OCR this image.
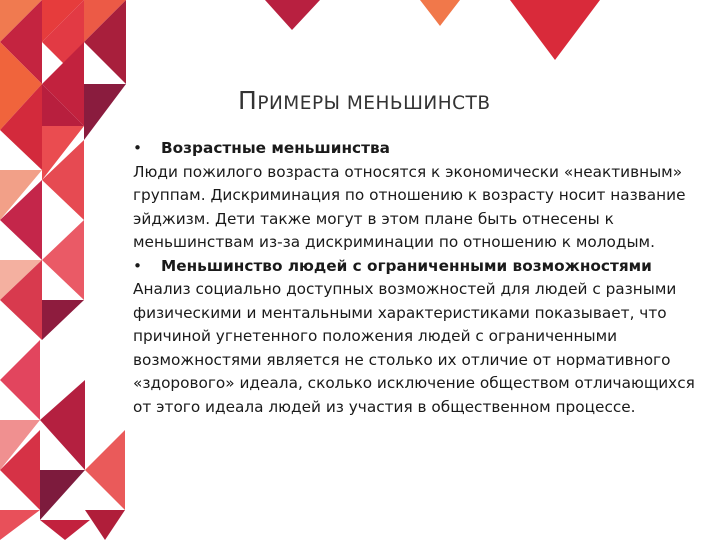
ПРИМЕРЫ МЕНЬШИНСТВ
•	Возрастные меньшинства

Люди пожилого возраста относятся к экономически «неактивным» группам. Дискриминация по отношению к возрасту носит название эйджизм. Дети также могут в этом плане быть отнесены к меньшинствам из-за дискриминации по отношению к молодым.

•	Меньшинство людей с ограниченными возможностями

Анализ социально доступных возможностей для людей с разными физическими и ментальными характеристиками показывает, что причиной угнетенного положения людей с ограниченными возможностями является не столько их отличие от нормативного «здорового» идеала, сколько исключение обществом отличающихся от этого идеала людей из участия в общественном процессе.
